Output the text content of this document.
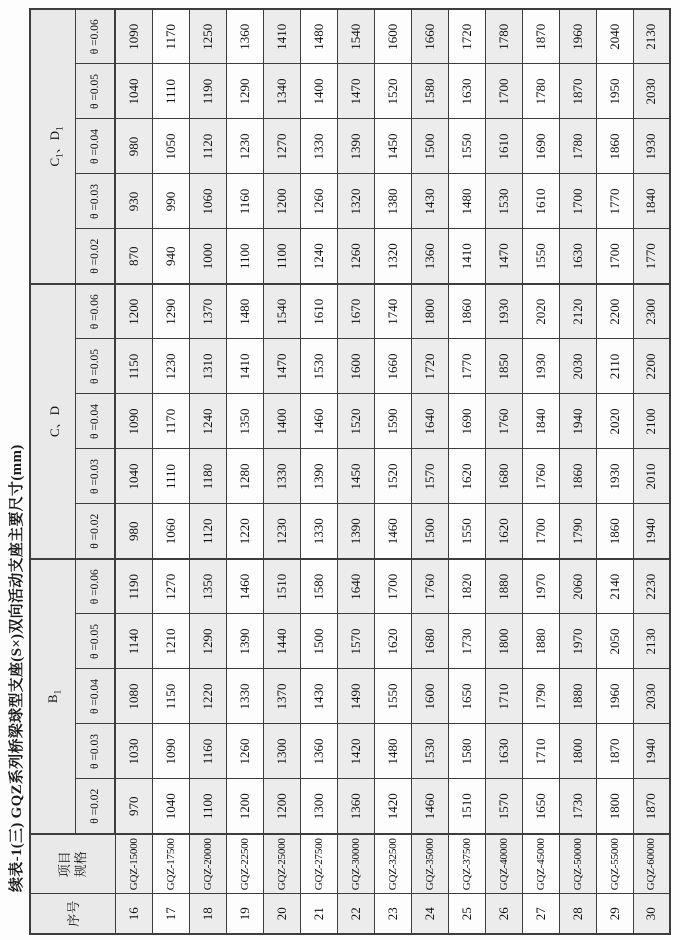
续表-1(三) GQZ系列桥梁球型支座(S×)双向活动支座主要尺寸(mm)
序号	项目 规格	$B_1$					C、D					$C_1$、$D_1$
		θ =0.02	θ =0.03	θ =0.04	θ =0.05	θ =0.06	θ =0.02	θ =0.03	θ =0.04	θ =0.05	θ =0.06	θ =0.02	θ =0.03	θ =0.04	θ =0.05	θ =0.06
16	GQZ-15000	970	1030	1080	1140	1190	980	1040	1090	1150	1200	870	930	980	1040	1090
17	GQZ-17500	1040	1090	1150	1210	1270	1060	1110	1170	1230	1290	940	990	1050	1110	1170
18	GQZ-20000	1100	1160	1220	1290	1350	1120	1180	1240	1310	1370	1000	1060	1120	1190	1250
19	GQZ-22500	1200	1260	1330	1390	1460	1220	1280	1350	1410	1480	1100	1160	1230	1290	1360
20	GQZ-25000	1200	1300	1370	1440	1510	1230	1330	1400	1470	1540	1100	1200	1270	1340	1410
21	GQZ-27500	1300	1360	1430	1500	1580	1330	1390	1460	1530	1610	1240	1260	1330	1400	1480
22	GQZ-30000	1360	1420	1490	1570	1640	1390	1450	1520	1600	1670	1260	1320	1390	1470	1540
23	GQZ-32500	1420	1480	1550	1620	1700	1460	1520	1590	1660	1740	1320	1380	1450	1520	1600
24	GQZ-35000	1460	1530	1600	1680	1760	1500	1570	1640	1720	1800	1360	1430	1500	1580	1660
25	GQZ-37500	1510	1580	1650	1730	1820	1550	1620	1690	1770	1860	1410	1480	1550	1630	1720
26	GQZ-40000	1570	1630	1710	1800	1880	1620	1680	1760	1850	1930	1470	1530	1610	1700	1780
27	GQZ-45000	1650	1710	1790	1880	1970	1700	1760	1840	1930	2020	1550	1610	1690	1780	1870
28	GQZ-50000	1730	1800	1880	1970	2060	1790	1860	1940	2030	2120	1630	1700	1780	1870	1960
29	GQZ-55000	1800	1870	1960	2050	2140	1860	1930	2020	2110	2200	1700	1770	1860	1950	2040
30	GQZ-60000	1870	1940	2030	2130	2230	1940	2010	2100	2200	2300	1770	1840	1930	2030	2130
